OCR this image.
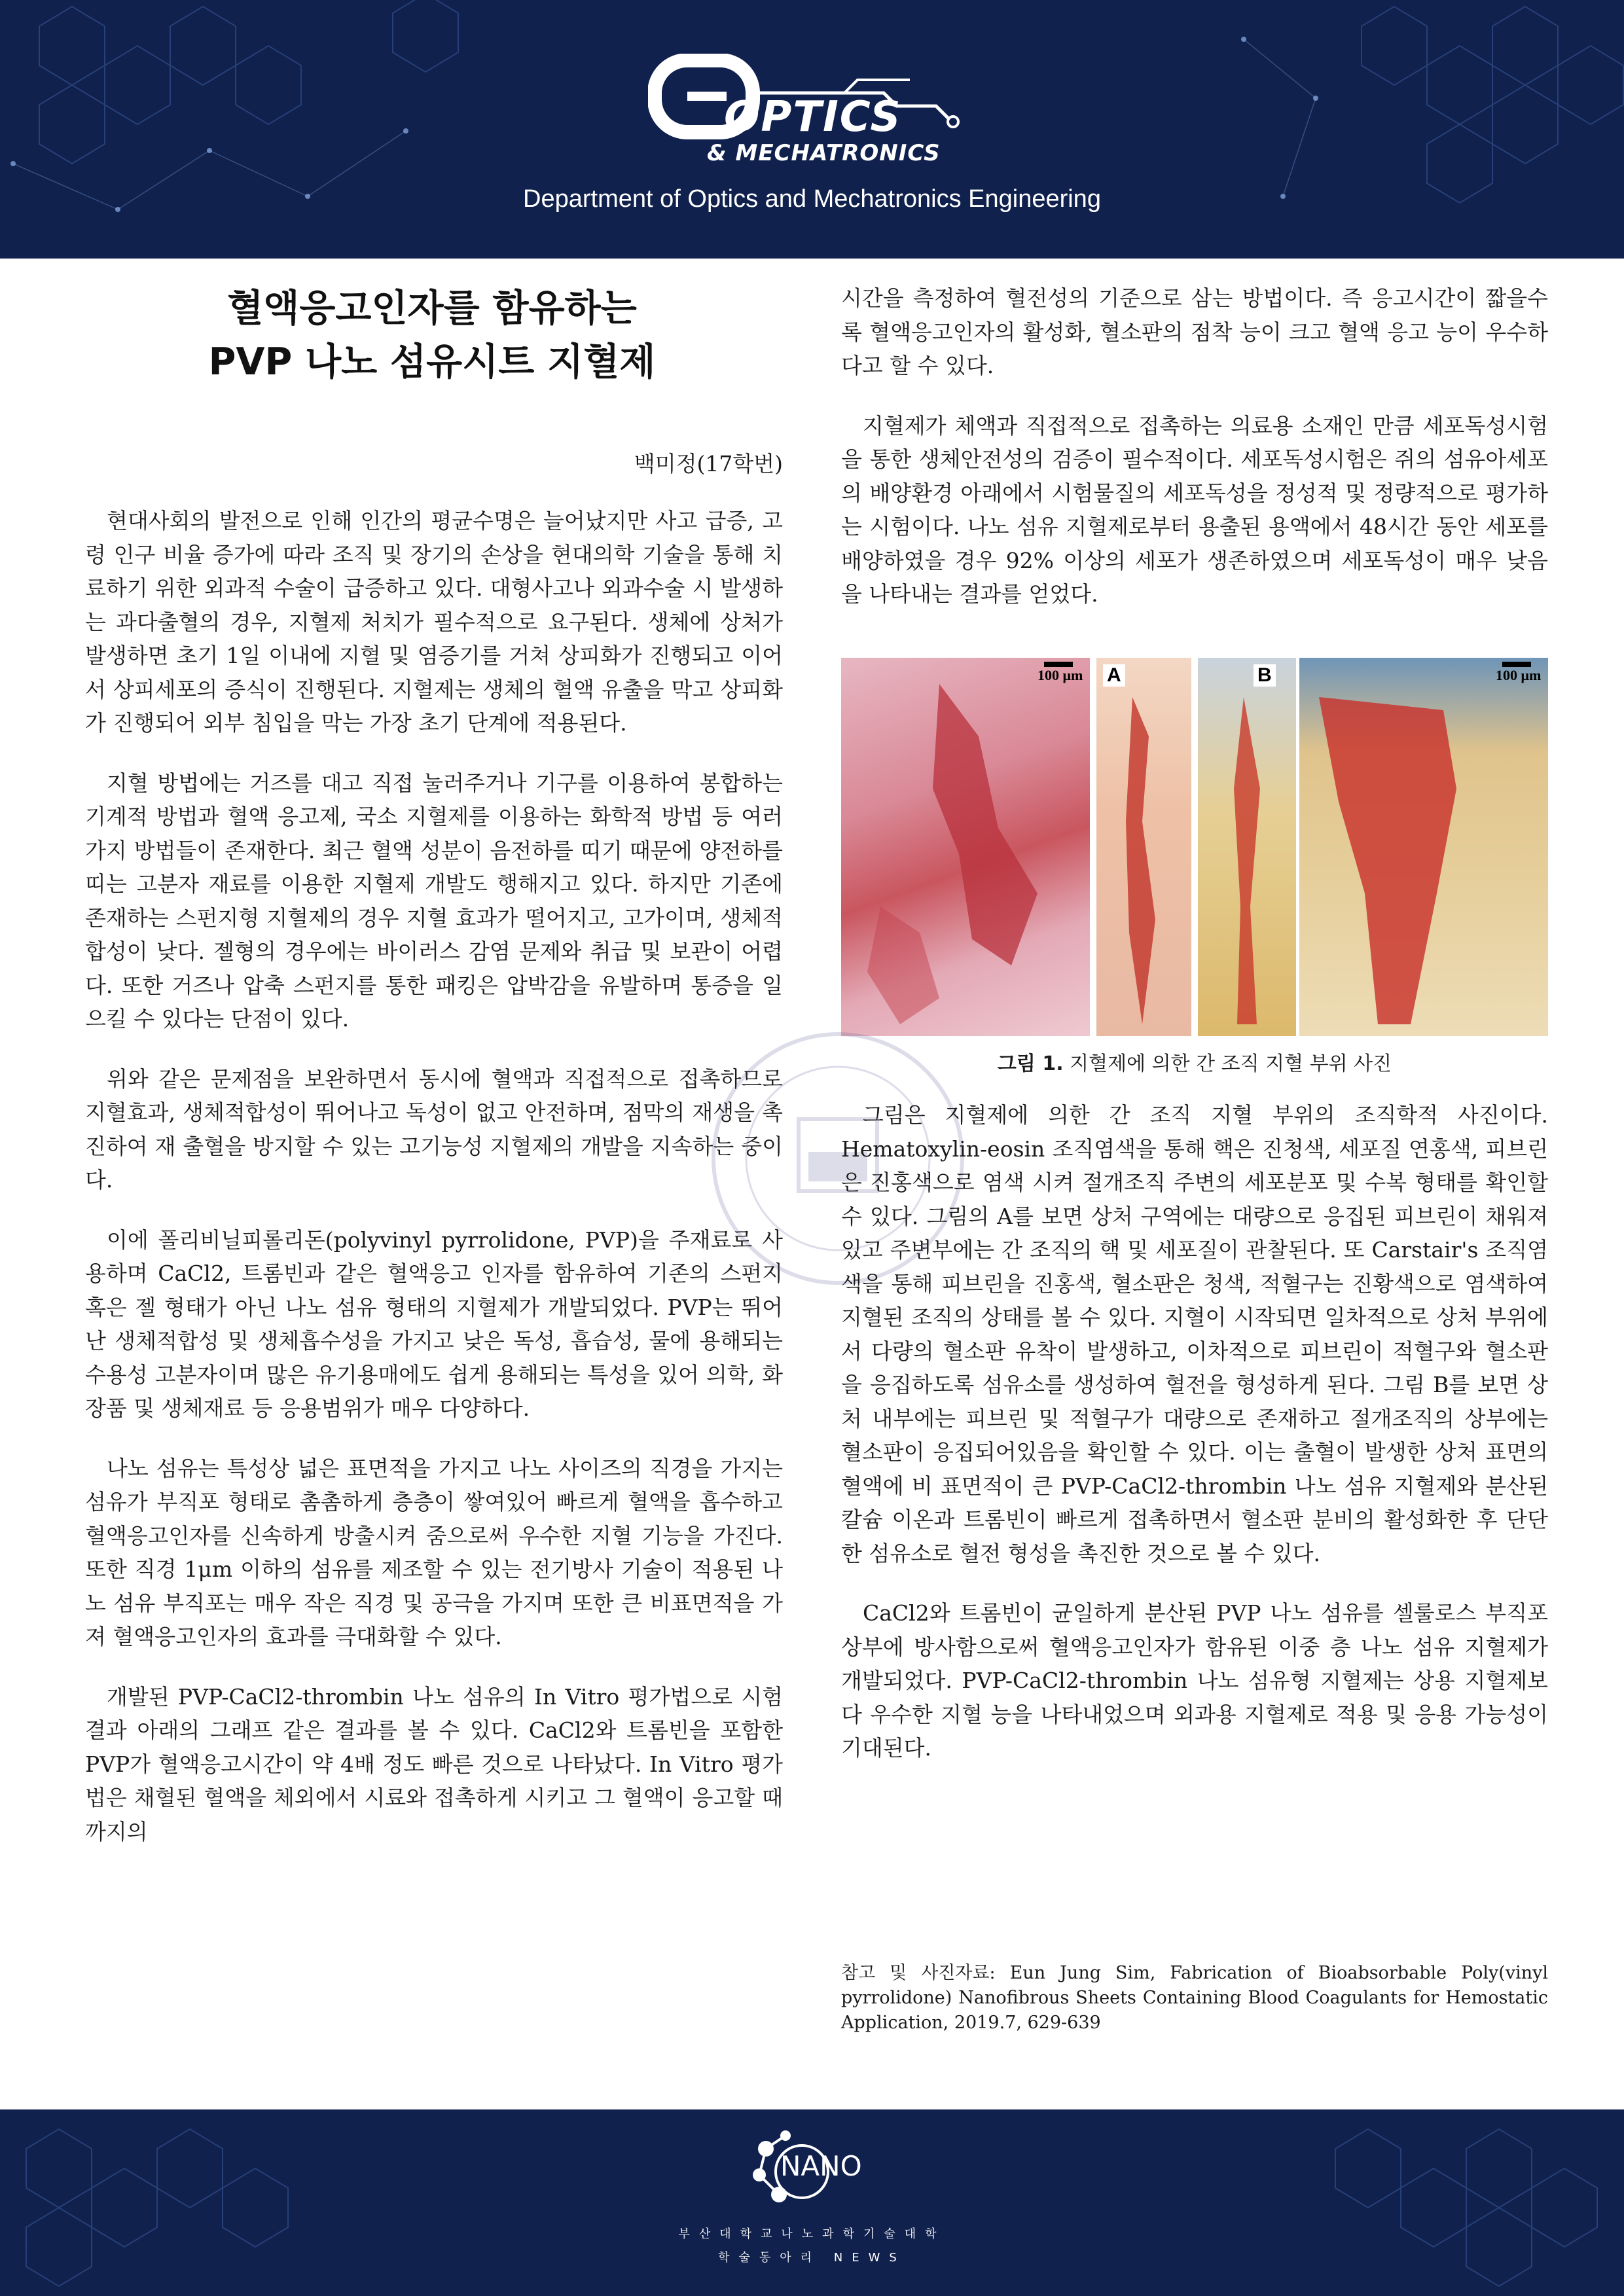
OPTICS
& MECHATRONICS
Department of Optics and Mechatronics Engineering
혈액응고인자를 함유하는
PVP 나노 섬유시트 지혈제
백미정(17학번)

현대사회의 발전으로 인해 인간의 평균수명은 늘어났지만 사고 급증, 고령 인구 비율 증가에 따라 조직 및 장기의 손상을 현대의학 기술을 통해 치료하기 위한 외과적 수술이 급증하고 있다. 대형사고나 외과수술 시 발생하는 과다출혈의 경우, 지혈제 처치가 필수적으로 요구된다. 생체에 상처가 발생하면 초기 1일 이내에 지혈 및 염증기를 거쳐 상피화가 진행되고 이어서 상피세포의 증식이 진행된다. 지혈제는 생체의 혈액 유출을 막고 상피화가 진행되어 외부 침입을 막는 가장 초기 단계에 적용된다.

지혈 방법에는 거즈를 대고 직접 눌러주거나 기구를 이용하여 봉합하는 기계적 방법과 혈액 응고제, 국소 지혈제를 이용하는 화학적 방법 등 여러 가지 방법들이 존재한다. 최근 혈액 성분이 음전하를 띠기 때문에 양전하를 띠는 고분자 재료를 이용한 지혈제 개발도 행해지고 있다. 하지만 기존에 존재하는 스펀지형 지혈제의 경우 지혈 효과가 떨어지고, 고가이며, 생체적합성이 낮다. 젤형의 경우에는 바이러스 감염 문제와 취급 및 보관이 어렵다. 또한 거즈나 압축 스펀지를 통한 패킹은 압박감을 유발하며 통증을 일으킬 수 있다는 단점이 있다.

위와 같은 문제점을 보완하면서 동시에 혈액과 직접적으로 접촉하므로 지혈효과, 생체적합성이 뛰어나고 독성이 없고 안전하며, 점막의 재생을 촉진하여 재 출혈을 방지할 수 있는 고기능성 지혈제의 개발을 지속하는 중이다.

이에 폴리비닐피롤리돈(polyvinyl pyrrolidone, PVP)을 주재료로 사용하며 CaCl2, 트롬빈과 같은 혈액응고 인자를 함유하여 기존의 스펀지 혹은 젤 형태가 아닌 나노 섬유 형태의 지혈제가 개발되었다. PVP는 뛰어난 생체적합성 및 생체흡수성을 가지고 낮은 독성, 흡습성, 물에 용해되는 수용성 고분자이며 많은 유기용매에도 쉽게 용해되는 특성을 있어 의학, 화장품 및 생체재료 등 응용범위가 매우 다양하다.

나노 섬유는 특성상 넓은 표면적을 가지고 나노 사이즈의 직경을 가지는 섬유가 부직포 형태로 촘촘하게 층층이 쌓여있어 빠르게 혈액을 흡수하고 혈액응고인자를 신속하게 방출시켜 줌으로써 우수한 지혈 기능을 가진다. 또한 직경 1μm 이하의 섬유를 제조할 수 있는 전기방사 기술이 적용된 나노 섬유 부직포는 매우 작은 직경 및 공극을 가지며 또한 큰 비표면적을 가져 혈액응고인자의 효과를 극대화할 수 있다.

개발된 PVP-CaCl2-thrombin 나노 섬유의 In Vitro 평가법으로 시험 결과 아래의 그래프 같은 결과를 볼 수 있다. CaCl2와 트롬빈을 포함한 PVP가 혈액응고시간이 약 4배 정도 빠른 것으로 나타났다. In Vitro 평가법은 채혈된 혈액을 체외에서 시료와 접촉하게 시키고 그 혈액이 응고할 때까지의

시간을 측정하여 혈전성의 기준으로 삼는 방법이다. 즉 응고시간이 짧을수록 혈액응고인자의 활성화, 혈소판의 점착 능이 크고 혈액 응고 능이 우수하다고 할 수 있다.

지혈제가 체액과 직접적으로 접촉하는 의료용 소재인 만큼 세포독성시험을 통한 생체안전성의 검증이 필수적이다. 세포독성시험은 쥐의 섬유아세포의 배양환경 아래에서 시험물질의 세포독성을 정성적 및 정량적으로 평가하는 시험이다. 나노 섬유 지혈제로부터 용출된 용액에서 48시간 동안 세포를 배양하였을 경우 92% 이상의 세포가 생존하였으며 세포독성이 매우 낮음을 나타내는 결과를 얻었다.

100 μm A	B	100 μm
그림 1. 지혈제에 의한 간 조직 지혈 부위 사진

그림은 지혈제에 의한 간 조직 지혈 부위의 조직학적 사진이다. Hematoxylin-eosin 조직염색을 통해 핵은 진청색, 세포질 연홍색, 피브린은 진홍색으로 염색 시켜 절개조직 주변의 세포분포 및 수복 형태를 확인할 수 있다. 그림의 A를 보면 상처 구역에는 대량으로 응집된 피브린이 채워져 있고 주변부에는 간 조직의 핵 및 세포질이 관찰된다. 또 Carstair's 조직염색을 통해 피브린을 진홍색, 혈소판은 청색, 적혈구는 진황색으로 염색하여 지혈된 조직의 상태를 볼 수 있다. 지혈이 시작되면 일차적으로 상처 부위에서 다량의 혈소판 유착이 발생하고, 이차적으로 피브린이 적혈구와 혈소판을 응집하도록 섬유소를 생성하여 혈전을 형성하게 된다. 그림 B를 보면 상처 내부에는 피브린 및 적혈구가 대량으로 존재하고 절개조직의 상부에는 혈소판이 응집되어있음을 확인할 수 있다. 이는 출혈이 발생한 상처 표면의 혈액에 비 표면적이 큰 PVP-CaCl2-thrombin 나노 섬유 지혈제와 분산된 칼슘 이온과 트롬빈이 빠르게 접촉하면서 혈소판 분비의 활성화한 후 단단한 섬유소로 혈전 형성을 촉진한 것으로 볼 수 있다.

CaCl2와 트롬빈이 균일하게 분산된 PVP 나노 섬유를 셀룰로스 부직포 상부에 방사함으로써 혈액응고인자가 함유된 이중 층 나노 섬유 지혈제가 개발되었다. PVP-CaCl2-thrombin 나노 섬유형 지혈제는 상용 지혈제보다 우수한 지혈 능을 나타내었으며 외과용 지혈제로 적용 및 응용 가능성이 기대된다.

참고 및 사진자료: Eun Jung Sim, Fabrication of Bioabsorbable Poly(vinyl pyrrolidone) Nanofibrous Sheets Containing Blood Coagulants for Hemostatic Application, 2019.7, 629-639
NANO
부산대학교나노과학기술대학
학술동아리 NEWS
